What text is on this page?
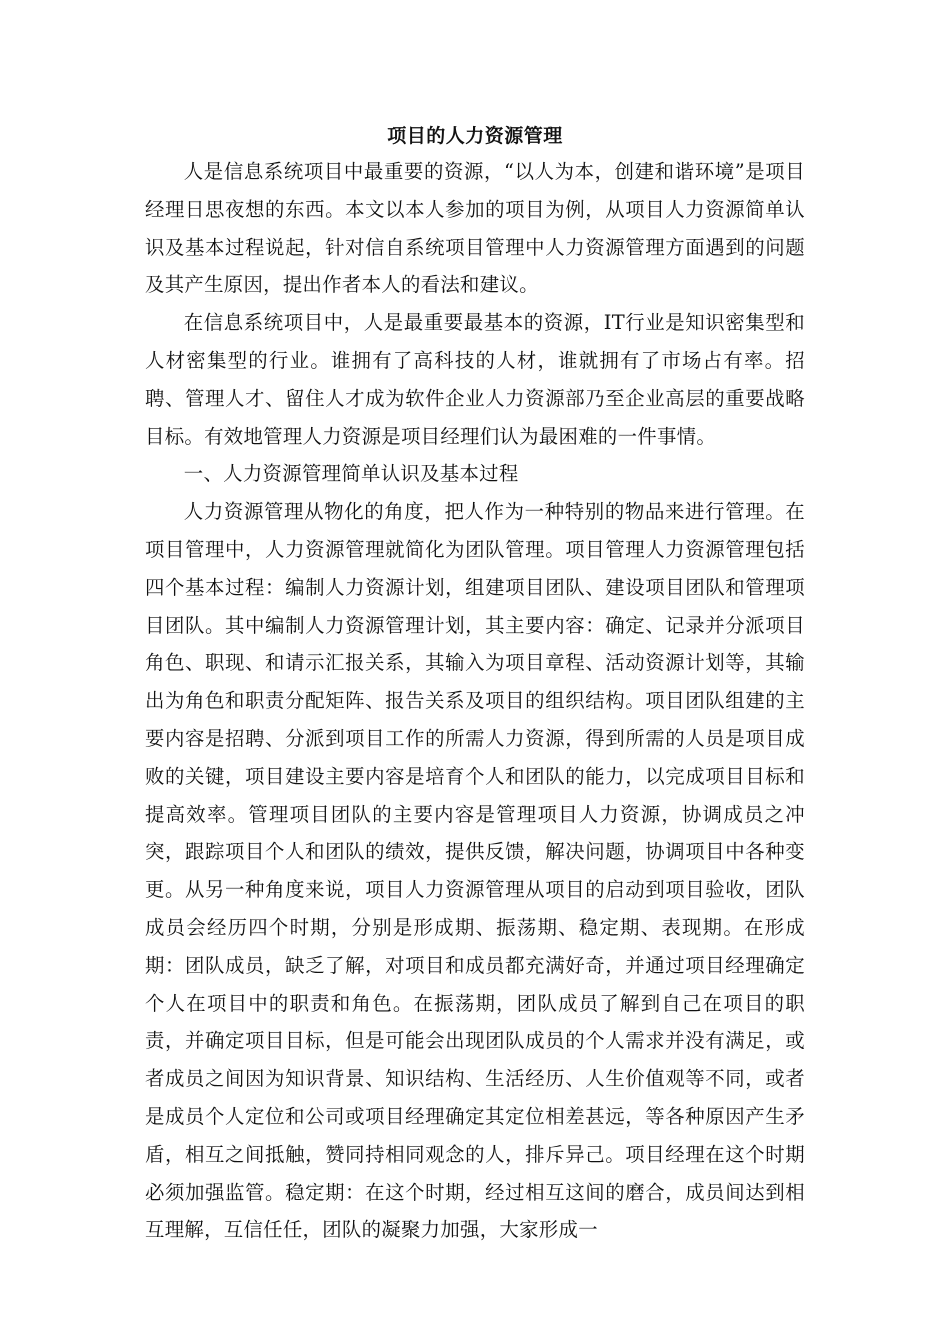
项目的人力资源管理

人是信息系统项目中最重要的资源，“以人为本，创建和谐环境”是项目经理日思夜想的东西。本文以本人参加的项目为例，从项目人力资源简单认识及基本过程说起，针对信自系统项目管理中人力资源管理方面遇到的问题及其产生原因，提出作者本人的看法和建议。

在信息系统项目中，人是最重要最基本的资源，IT行业是知识密集型和人材密集型的行业。谁拥有了高科技的人材，谁就拥有了市场占有率。招聘、管理人才、留住人才成为软件企业人力资源部乃至企业高层的重要战略目标。有效地管理人力资源是项目经理们认为最困难的一件事情。

一、人力资源管理简单认识及基本过程

人力资源管理从物化的角度，把人作为一种特别的物品来进行管理。在项目管理中，人力资源管理就简化为团队管理。项目管理人力资源管理包括四个基本过程：编制人力资源计划，组建项目团队、建设项目团队和管理项目团队。其中编制人力资源管理计划，其主要内容：确定、记录并分派项目角色、职现、和请示汇报关系，其输入为项目章程、活动资源计划等，其输出为角色和职责分配矩阵、报告关系及项目的组织结构。项目团队组建的主要内容是招聘、分派到项目工作的所需人力资源，得到所需的人员是项目成败的关键，项目建设主要内容是培育个人和团队的能力，以完成项目目标和提高效率。管理项目团队的主要内容是管理项目人力资源，协调成员之冲突，跟踪项目个人和团队的绩效，提供反馈，解决问题，协调项目中各种变更。从另一种角度来说，项目人力资源管理从项目的启动到项目验收，团队成员会经历四个时期，分别是形成期、振荡期、稳定期、表现期。在形成期：团队成员，缺乏了解，对项目和成员都充满好奇，并通过项目经理确定个人在项目中的职责和角色。在振荡期，团队成员了解到自己在项目的职责，并确定项目目标，但是可能会出现团队成员的个人需求并没有满足，或者成员之间因为知识背景、知识结构、生活经历、人生价值观等不同，或者是成员个人定位和公司或项目经理确定其定位相差甚远，等各种原因产生矛盾，相互之间抵触，赞同持相同观念的人，排斥异己。项目经理在这个时期必须加强监管。稳定期：在这个时期，经过相互这间的磨合，成员间达到相互理解，互信任任，团队的凝聚力加强，大家形成一
